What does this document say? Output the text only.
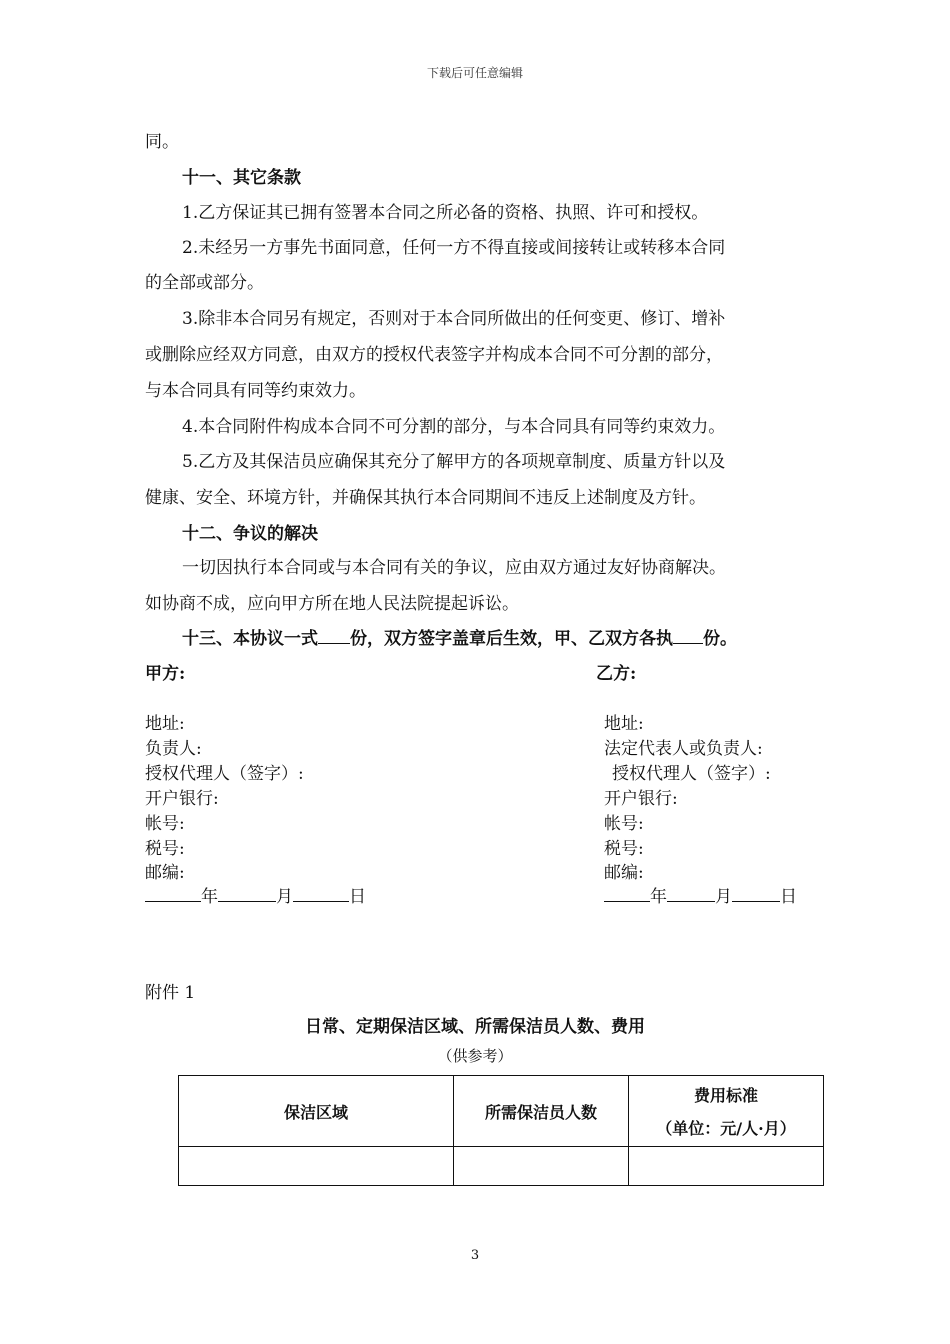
下载后可任意编辑
同。
十一、其它条款
1.乙方保证其已拥有签署本合同之所必备的资格、执照、许可和授权。
2.未经另一方事先书面同意，任何一方不得直接或间接转让或转移本合同
的全部或部分。
3.除非本合同另有规定，否则对于本合同所做出的任何变更、修订、增补
或删除应经双方同意，由双方的授权代表签字并构成本合同不可分割的部分，
与本合同具有同等约束效力。
4.本合同附件构成本合同不可分割的部分，与本合同具有同等约束效力。
5.乙方及其保洁员应确保其充分了解甲方的各项规章制度、质量方针以及
健康、安全、环境方针，并确保其执行本合同期间不违反上述制度及方针。
十二、争议的解决
一切因执行本合同或与本合同有关的争议，应由双方通过友好协商解决。
如协商不成，应向甲方所在地人民法院提起诉讼。
十三、本协议一式 份，双方签字盖章后生效，甲、乙双方各执 份。
甲方:
地址:
负责人:
授权代理人（签字）:
开户银行:
帐号:
税号:
邮编:
年	月	日
乙方:
地址:
法定代表人或负责人:
授权代理人（签字）:
开户银行:
帐号:
税号:
邮编:
年	月	日
附件 1
日常、定期保洁区域、所需保洁员人数、费用
（供参考）
保洁区域	所需保洁员人数	费用标准
（单位：元/人·月）

3
